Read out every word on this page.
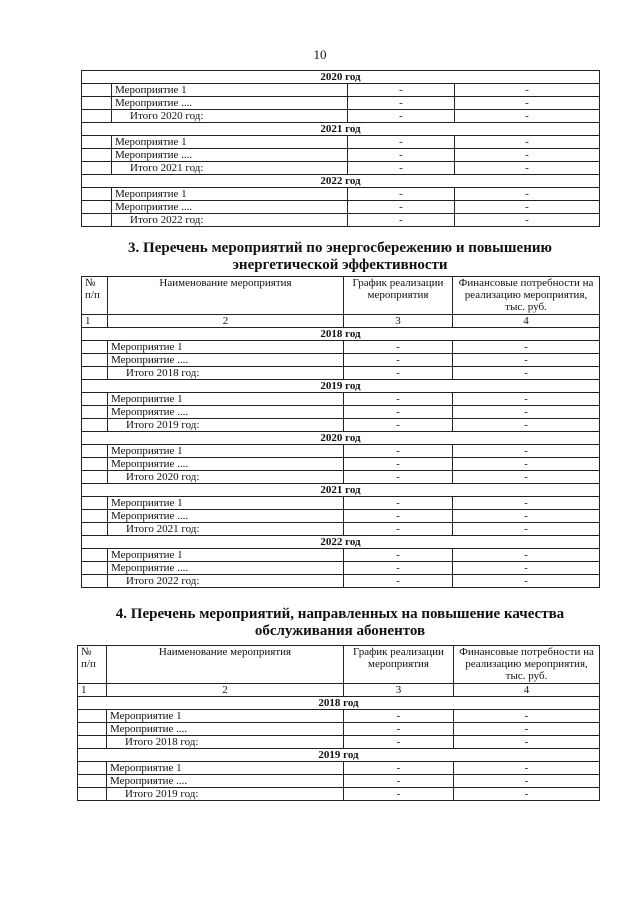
10
2020 год			
	Мероприятие 1	-	-
	Мероприятие ....	-	-
	Итого 2020 год:	-	-
2021 год			
	Мероприятие 1	-	-
	Мероприятие ....	-	-
	Итого 2021 год:	-	-
2022 год			
	Мероприятие 1	-	-
	Мероприятие ....	-	-
	Итого 2022 год:	-	-
3. Перечень мероприятий по энергосбережению и повышению
энергетической эффективности
№ п/п	Наименование мероприятия	График реализации мероприятия	Финансовые потребности на реализацию мероприятия, тыс. руб.
1	2	3	4
2018 год			
	Мероприятие 1	-	-
	Мероприятие ....	-	-
	Итого 2018 год:	-	-
2019 год			
	Мероприятие 1	-	-
	Мероприятие ....	-	-
	Итого 2019 год:	-	-
2020 год			
	Мероприятие 1	-	-
	Мероприятие ....	-	-
	Итого 2020 год:	-	-
2021 год			
	Мероприятие 1	-	-
	Мероприятие ....	-	-
	Итого 2021 год:	-	-
2022 год			
	Мероприятие 1	-	-
	Мероприятие ....	-	-
	Итого 2022 год:	-	-
4. Перечень мероприятий, направленных на повышение качества
обслуживания абонентов
№ п/п	Наименование мероприятия	График реализации мероприятия	Финансовые потребности на реализацию мероприятия, тыс. руб.
1	2	3	4
2018 год			
	Мероприятие 1	-	-
	Мероприятие ....	-	-
	Итого 2018 год:	-	-
2019 год			
	Мероприятие 1	-	-
	Мероприятие ....	-	-
	Итого 2019 год:	-	-
